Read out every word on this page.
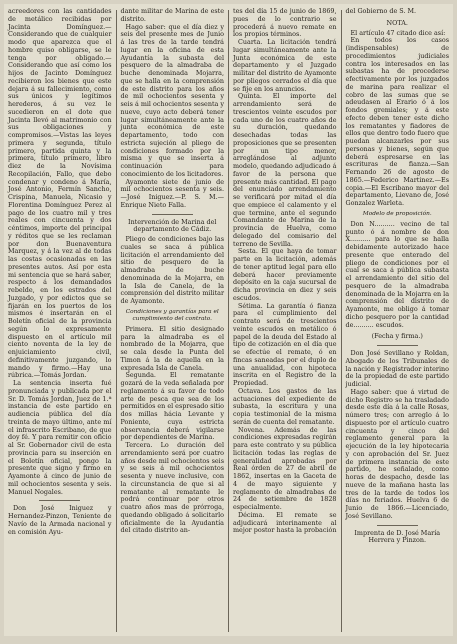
acreedores con las cantidades de metálico recibidas por Jacinta Domínguez.—Considerando que de cualquier modo que aparezca que el hombre quiso obligarse, se le tenga por obligado.—Considerando que así como los hijos de Jacinto Domínguez recibieron los bienes que este dejara á su fallecimiento, como sus únicos y legítimos herederos, á su vez le sucedieron en el dote que Jacinta llevó al matrimonio con sus obligaciones y compromisos.—Vistas las leyes primera y segunda, título primero, partida quinta y la primera, título primero, libro diez de la Novísima Recopilación, Fallo, que debo condenar y condeno á María, José Antonio, Fermín Sancho, Crispina, Manuela, Nicasio y Florentina Domínguez Perez al pago de los cuatro mil y tres reales con cincuenta y dos céntimos, importe del principal y réditos que se les reclaman por don Buenaventura Marquez, y á la vez al de todas las costas ocasionadas en las presentes autos. Así por esta mi sentencia que se hará saber, respecto á los demandados rebelde, en los estrados del Juzgado, y por edictos que se fijarán en los puertos de los mismos é insertarán en el Boletín oficial de la provincia según lo expresamente dispuesto en el artículo mil ciento noventa de la ley de enjuiciamiento civil, definitivamente juzgando, lo mando y firmo.—Hay una rúbrica.—Tomás Jordan.

La sentencia inserta fué pronunciada y publicada por el Sr. D. Tomás Jordan, Juez de 1.ª instancia de este partido en audiencia pública del día treinta de mayo último, ante mí el infrascrito Escribano, de que doy fé. Y para remitir con oficio al Sr. Gobernador civil de esta provincia para su inserción en el Boletín oficial, pongo la presente que signo y firmo en Ayamonte á cinco de junio de mil ochocientos sesenta y seis. Manuel Nogales.

Don José Iniguez y Hernandez-Pinzon, Teniente de Navío de la Armada nacional y en comisión Ayu-

dante militar de Marina de este distrito.

Hago saber: que el día diez y seis del presente mes de Junio á las tres de la tarde tendrá lugar en la oficina de esta Ayudantía la subasta del pesquero de la almadraba de buche denominada Mojarra, que se halla en la comprensión de este distrito para los años de mil ochocientos sesenta y seis á mil ochocientos sesenta y nueve, cuyo acto deberá tener lugar simultáneamente ante la junta económica de este departamento, todo con estricta sujeción al pliego de condiciones formado por la misma y que se inserta á continuación para conocimiento de los licitadores.

Ayamonte siete de junio de mil ochocientos sesenta y seis.—José Iniguez.—P. S. M.—Enrique Nieto Falla.

Intervención de Marina del departamento de Cádiz.

Pliego de condiciones bajo las cuales se saca á pública licitación el arrendamiento del sitio de pesquero de la almadraba de buche denominada de la Mojarra, en la Isla de Canela, de la comprensión del distrito militar de Ayamonte.

Condiciones y garantías para el cumplimiento del contrato.

Primera. El sitio designado para la almadraba es el nombrado de la Mojarra, que se cala desde la Punta del Timon á la de aquella en la expresada Isla de Canela.

Segunda. El rematante gozará de la veda señalada por reglamento á su favor de todo arte de pesca que sea de los permitidos en el espresado sitio dos millas hácia Levante y Poniente, cuya estricta observancia deberá vigilarse por dependientes de Marina.

Tercera. Lo duración del arrendamiento será por cuatro años desde mil ochocientos seis y se seis á mil ochocientos sesenta y nueve inclusive, con la circunstancia de que si al rematante al rematante le podrá continuar por otros cuatro años mas de prórroga, quedando obligado á solicitarlo oficialmente de la Ayudantía del citado distrito an-

tes del día 15 de junio de 1869, pues de lo contrario se procederá á nuevo remate en los propios términos.

Cuarta. La licitación tendrá lugar simultáneamente ante la Junta económica de este departamento y el Juzgado militar del distrito de Ayamonte por pliegos cerrados el día que se fije en los anuncios.

Quinta. El importe del arrendamiento será de trescientos veinte escudos por cada uno de los cuatro años de su duración, quedando desechadas todas las proposiciones que se presenten por un tipo menor, arreglándose al adjunto modelo, quedando adjudicado á favor de la persona que presente más cantidad. El pago del enunciado arrendamiento se verificará por mitad el día que empiece el calamento y el que termine, ante el segundo Comandante de Marina de la provincia de Huelva, como delegado del comisario del terreno de Sevilla.

Sesta. El que haya de tomar parte en la licitación, además de tener aptitud legal para ello deberá hacer previamente depósito en la caja sucursal de dicha provincia en diez y seis escudos.

Sétima. La garantía ó fianza para el cumplimiento del contrato será de trescientos veinte escudos en metálico ó papel de la deuda del Estado al tipo de cotización en el día que se efectúe el remate, ó en fincas saneadas por el duplo de una anualidad, con hipoteca inscrita en el Registro de la Propiedad.

Octava. Los gastos de las actuaciones del expediente de subasta, la escritura y una copia testimonial de la misma serán de cuenta del rematante.

Novena. Además de las condiciones expresadas regirán para este contrato y su pública licitación todas las reglas de generalidad aprobadas por Real órden de 27 de abril de 1862, insertas en la Gaceta de 4 de mayo siguiente y reglamento de almadrabas de 24 de setiembre de 1828 especialmente.

Décima. El remate se adjudicará interinamente al mejor postor hasta la probación

del Gobierno de S. M.

NOTA.

El artículo 47 citado dice así:

En todos los casos (indispensables) de procedimientos judiciales contra los interesados en las subastas ha de procederse efectivamente por los juzgados de marina para realizar el cobro de las sumas que se adeudasen al Erario ó á los fondos gremiales; y á este efecto deben tener este dicho los rematantes y fiadores de ellos que dentro todo fuero que puedan alcanzarles por sus personas y bienes, según que deberá espresarse en las escrituras de fianza.—San Fernando 26 de agosto de 1865.—Federico Martinez.—Es copia.—El Escribano mayor del departamento, Lievano de, José Gonzalez Warleta.

Modelo de proposición.

Don N.......... vecino de tal punto ó á nombre de don X.......... para lo que se halla debidamente autorizado hace presente que enterado del pliego de condiciones por el cual se saca á pública subasta el arrendamiento del sitio del pesquero de la almadraba denominada de la Mojarra en la comprensión del distrito de Ayamonte, me obligo á tomar dicho pesquero por la cantidad de.......... escudos.

(Fecha y firma.)

Don José Sevillano y Roldan, Abogado de los Tribunales de la nación y Registrador interino de la propiedad de este partido judicial.

Hago saber: que á virtud de dicho Registro se ha trasladado desde este día á la calle Rosas, número tres; con arreglo á lo dispuesto por el artículo cuatro cincuenta y cinco del reglamento general para la ejecución de la ley hipotecaria y con aprobación del Sr. Juez de primera instancia de este partido, he señalado, como horas de despacho, desde las nueve de la mañana hasta las tres de la tarde de todos los días no feriados. Huelva 6 de Junio de 1866.—Licenciado, José Sevillano.

Imprenta de D. José María Herrera y Pinzon.
